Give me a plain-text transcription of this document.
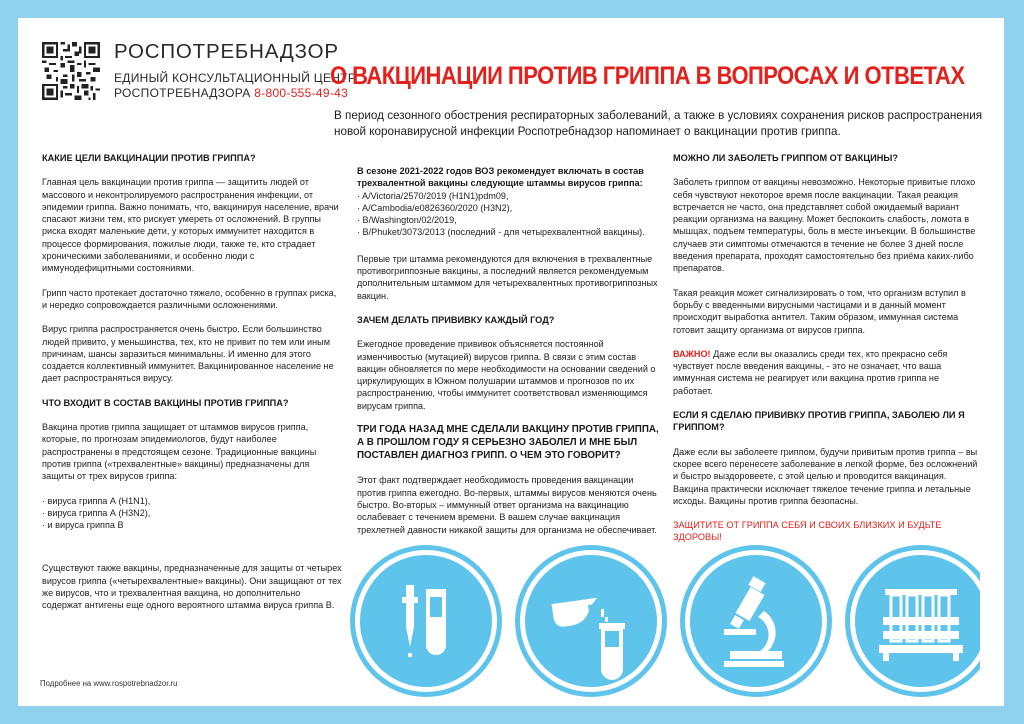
РОСПОТРЕБНАДЗОР
ЕДИНЫЙ КОНСУЛЬТАЦИОННЫЙ ЦЕНТР
РОСПОТРЕБНАДЗОРА 8-800-555-49-43
О ВАКЦИНАЦИИ ПРОТИВ ГРИППА В ВОПРОСАХ И ОТВЕТАХ
В период сезонного обострения респираторных заболеваний, а также в условиях сохранения рисков распространения новой коронавирусной инфекции Роспотребнадзор напоминает о вакцинации против гриппа.
КАКИЕ ЦЕЛИ ВАКЦИНАЦИИ ПРОТИВ ГРИППА?
Главная цель вакцинации против гриппа — защитить людей от массового и неконтролируемого распространения инфекции, от эпидемии гриппа. Важно понимать, что, вакцинируя население, врачи спасают жизни тем, кто рискует умереть от осложнений. В группы риска входят маленькие дети, у которых иммунитет находится в процессе формирования, пожилые люди, также те, кто страдает хроническими заболеваниями, и особенно люди с иммунодефицитными состояниями.
Грипп часто протекает достаточно тяжело, особенно в группах риска, и нередко сопровождается различными осложнениями.
Вирус гриппа распространяется очень быстро. Если большинство людей привито, у меньшинства, тех, кто не привит по тем или иным причинам, шансы заразиться минимальны. И именно для этого создается коллективный иммунитет. Вакцинированное население не дает распространяться вирусу.
ЧТО ВХОДИТ В СОСТАВ ВАКЦИНЫ ПРОТИВ ГРИППА?
Вакцина против гриппа защищает от штаммов вирусов гриппа, которые, по прогнозам эпидемиологов, будут наиболее распространены в предстоящем сезоне. Традиционные вакцины против гриппа («трехвалентные» вакцины) предназначены для защиты от трех вирусов гриппа:
· вируса гриппа А (H1N1),
· вируса гриппа А (H3N2),
· и вируса гриппа В
Существуют также вакцины, предназначенные для защиты от четырех вирусов гриппа («четырехвалентные» вакцины). Они защищают от тех же вирусов, что и трехвалентная вакцина, но дополнительно содержат антигены еще одного вероятного штамма вируса гриппа В.
В сезоне 2021-2022 годов ВОЗ рекомендует включать в состав трехвалентной вакцины следующие штаммы вирусов гриппа:
· A/Victoria/2570/2019 (H1N1)pdm09,
· A/Cambodia/e0826360/2020 (H3N2),
· B/Washington/02/2019,
· B/Phuket/3073/2013 (последний - для четырехвалентной вакцины).
Первые три штамма рекомендуются для включения в трехвалентные противогриппозные вакцины, а последний является рекомендуемым дополнительным штаммом для четырехвалентных противогриппозных вакцин.
ЗАЧЕМ ДЕЛАТЬ ПРИВИВКУ КАЖДЫЙ ГОД?
Ежегодное проведение прививок объясняется постоянной изменчивостью (мутацией) вирусов гриппа. В связи с этим состав вакцин обновляется по мере необходимости на основании сведений о циркулирующих в Южном полушарии штаммов и прогнозов по их распространению, чтобы иммунитет соответствовал изменяющимся вирусам гриппа.
ТРИ ГОДА НАЗАД МНЕ СДЕЛАЛИ ВАКЦИНУ ПРОТИВ ГРИППА, А В ПРОШЛОМ ГОДУ Я СЕРЬЕЗНО ЗАБОЛЕЛ И МНЕ БЫЛ ПОСТАВЛЕН ДИАГНОЗ ГРИПП. О ЧЕМ ЭТО ГОВОРИТ?
Этот факт подтверждает необходимость проведения вакцинации против гриппа ежегодно. Во-первых, штаммы вирусов меняются очень быстро. Во-вторых – иммунный ответ организма на вакцинацию ослабевает с течением времени. В вашем случае вакцинация трехлетней давности никакой защиты для организма не обеспечивает.
МОЖНО ЛИ ЗАБОЛЕТЬ ГРИППОМ ОТ ВАКЦИНЫ?
Заболеть гриппом от вакцины невозможно. Некоторые привитые плохо себя чувствуют некоторое время после вакцинации. Такая реакция встречается не часто, она представляет собой ожидаемый вариант реакции организма на вакцину. Может беспокоить слабость, ломота в мышцах, подъем температуры, боль в месте инъекции. В большинстве случаев эти симптомы отмечаются в течение не более 3 дней после введения препарата, проходят самостоятельно без приёма каких-либо препаратов.
Такая реакция может сигнализировать о том, что организм вступил в борьбу с введенными вирусными частицами и в данный момент происходит выработка антител. Таким образом, иммунная система готовит защиту организма от вирусов гриппа.
ВАЖНО! Даже если вы оказались среди тех, кто прекрасно себя чувствует после введения вакцины, - это не означает, что ваша иммунная система не реагирует или вакцина против гриппа не работает.
ЕСЛИ Я СДЕЛАЮ ПРИВИВКУ ПРОТИВ ГРИППА, ЗАБОЛЕЮ ЛИ Я ГРИППОМ?
Даже если вы заболеете гриппом, будучи привитым против гриппа – вы скорее всего перенесете заболевание в легкой форме, без осложнений и быстро выздоровеете, с этой целью и проводится вакцинация. Вакцина практически исключает тяжелое течение гриппа и летальные исходы. Вакцины против гриппа безопасны.
ЗАЩИТИТЕ ОТ ГРИППА СЕБЯ И СВОИХ БЛИЗКИХ И БУДЬТЕ ЗДОРОВЫ!
Подробнее на www.rospotrebnadzor.ru
